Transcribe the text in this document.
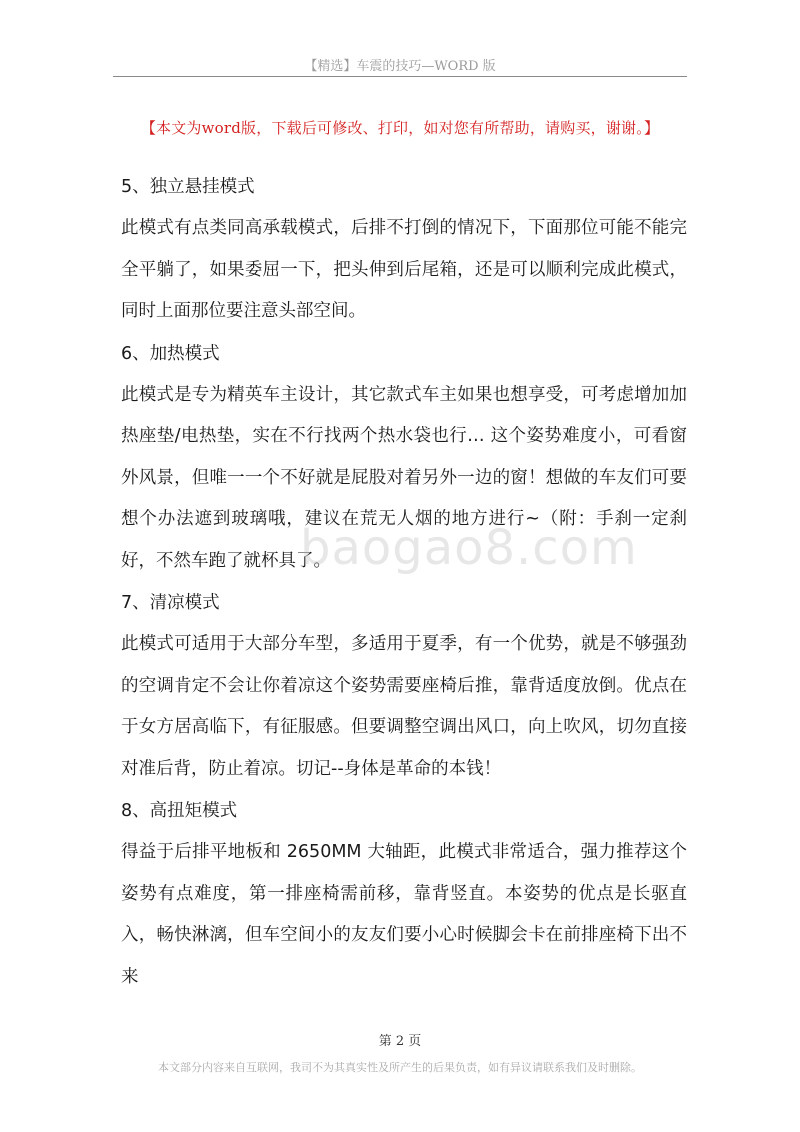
【精选】车震的技巧—WORD 版
【本文为word版，下载后可修改、打印，如对您有所帮助，请购买，谢谢。】
5、独立悬挂模式
此模式有点类同高承载模式，后排不打倒的情况下，下面那位可能不能完全平躺了，如果委屈一下，把头伸到后尾箱，还是可以顺利完成此模式，同时上面那位要注意头部空间。
6、加热模式
此模式是专为精英车主设计，其它款式车主如果也想享受，可考虑增加加热座垫/电热垫，实在不行找两个热水袋也行… 这个姿势难度小，可看窗外风景，但唯一一个不好就是屁股对着另外一边的窗！想做的车友们可要想个办法遮到玻璃哦，建议在荒无人烟的地方进行~（附：手刹一定刹好，不然车跑了就杯具了。
7、清凉模式
此模式可适用于大部分车型，多适用于夏季，有一个优势，就是不够强劲的空调肯定不会让你着凉这个姿势需要座椅后推，靠背适度放倒。优点在于女方居高临下，有征服感。但要调整空调出风口，向上吹风，切勿直接对准后背，防止着凉。切记--身体是革命的本钱！
8、高扭矩模式
得益于后排平地板和 2650MM 大轴距，此模式非常适合，强力推荐这个姿势有点难度，第一排座椅需前移，靠背竖直。本姿势的优点是长驱直入，畅快淋漓，但车空间小的友友们要小心时候脚会卡在前排座椅下出不来
baogao8.com
第 2 页
本文部分内容来自互联网，我司不为其真实性及所产生的后果负责，如有异议请联系我们及时删除。
